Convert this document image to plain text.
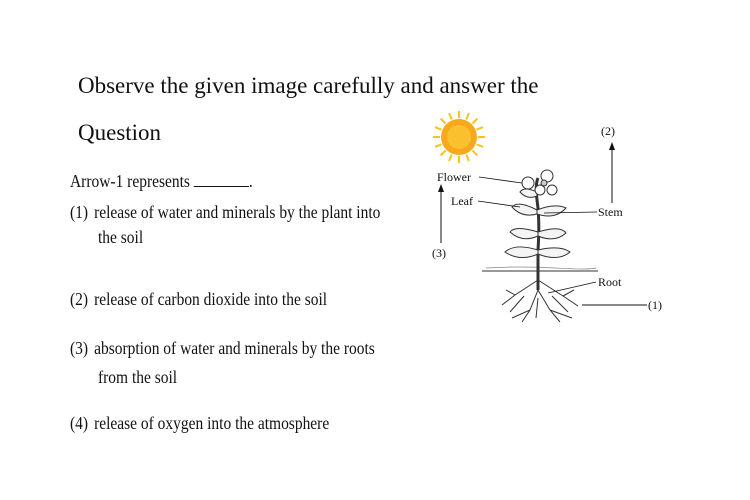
Observe the given image carefully and answer the
Question
Arrow-1 represents	.
(1) release of water and minerals by the plant into
the soil
(2) release of carbon dioxide into the soil
(3) absorption of water and minerals by the roots
from the soil
(4) release of oxygen into the atmosphere
Flower
Leaf
Stem
Root
(2)
(3)
(1)
